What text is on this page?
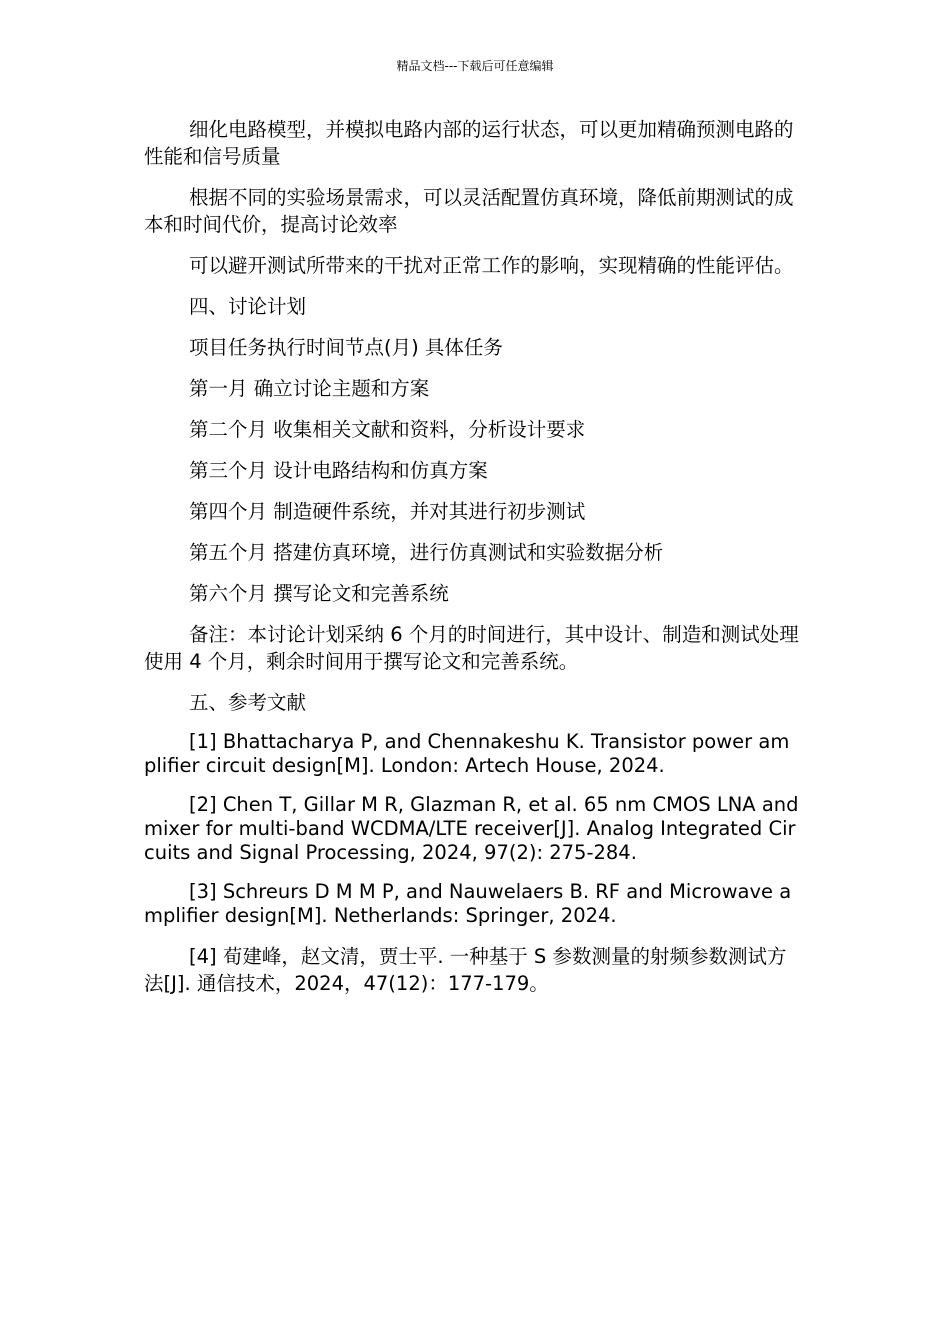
精品文档---下载后可任意编辑

细化电路模型，并模拟电路内部的运行状态，可以更加精确预测电路的性能和信号质量

根据不同的实验场景需求，可以灵活配置仿真环境，降低前期测试的成本和时间代价，提高讨论效率

可以避开测试所带来的干扰对正常工作的影响，实现精确的性能评估。

四、讨论计划

项目任务执行时间节点(月) 具体任务

第一月 确立讨论主题和方案

第二个月 收集相关文献和资料，分析设计要求

第三个月 设计电路结构和仿真方案

第四个月 制造硬件系统，并对其进行初步测试

第五个月 搭建仿真环境，进行仿真测试和实验数据分析

第六个月 撰写论文和完善系统

备注：本讨论计划采纳 6 个月的时间进行，其中设计、制造和测试处理使用 4 个月，剩余时间用于撰写论文和完善系统。

五、参考文献

[1] Bhattacharya P, and Chennakeshu K. Transistor power amplifier circuit design[M]. London: Artech House, 2024.

[2] Chen T, Gillar M R, Glazman R, et al. 65 nm CMOS LNA and mixer for multi-band WCDMA/LTE receiver[J]. Analog Integrated Circuits and Signal Processing, 2024, 97(2): 275-284.

[3] Schreurs D M M P, and Nauwelaers B. RF and Microwave amplifier design[M]. Netherlands: Springer, 2024.

[4] 荀建峰，赵文清，贾士平. 一种基于 S 参数测量的射频参数测试方法[J]. 通信技术，2024，47(12)：177-179。
